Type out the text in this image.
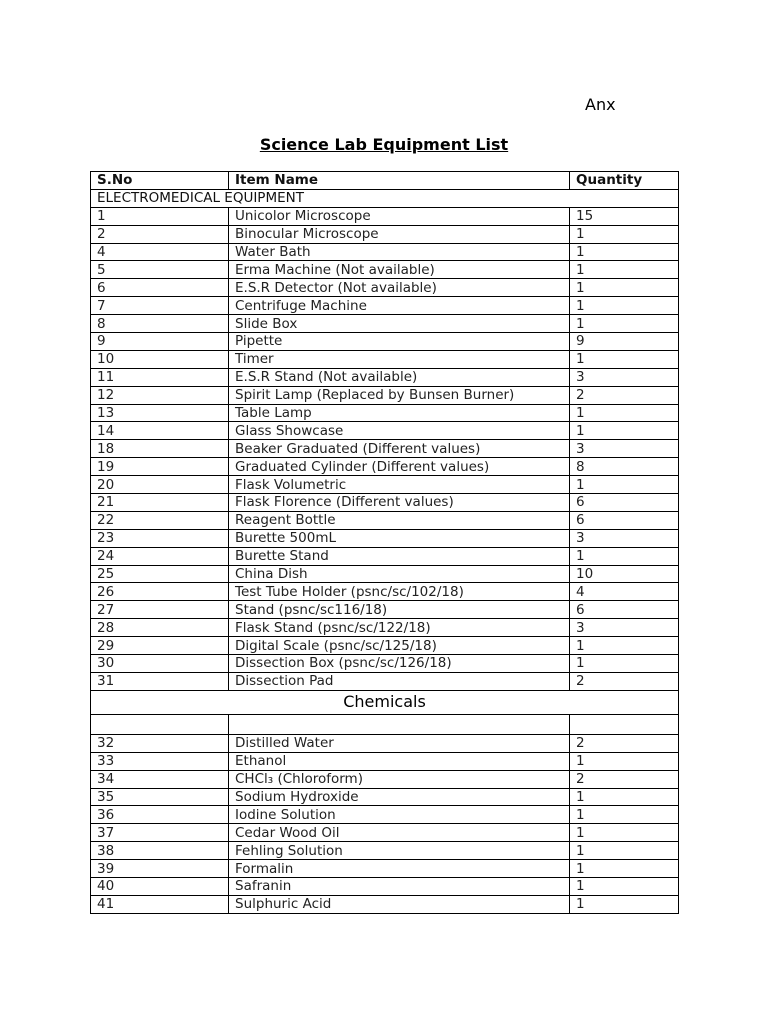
Anx
Science Lab Equipment List
S.No	Item Name	Quantity
ELECTROMEDICAL EQUIPMENT		
1	Unicolor Microscope	15
2	Binocular Microscope	1
4	Water Bath	1
5	Erma Machine (Not available)	1
6	E.S.R Detector (Not available)	1
7	Centrifuge Machine	1
8	Slide Box	1
9	Pipette	9
10	Timer	1
11	E.S.R Stand (Not available)	3
12	Spirit Lamp (Replaced by Bunsen Burner)	2
13	Table Lamp	1
14	Glass Showcase	1
18	Beaker Graduated (Different values)	3
19	Graduated Cylinder (Different values)	8
20	Flask Volumetric	1
21	Flask Florence (Different values)	6
22	Reagent Bottle	6
23	Burette 500mL	3
24	Burette Stand	1
25	China Dish	10
26	Test Tube Holder (psnc/sc/102/18)	4
27	Stand (psnc/sc116/18)	6
28	Flask Stand (psnc/sc/122/18)	3
29	Digital Scale (psnc/sc/125/18)	1
30	Dissection Box (psnc/sc/126/18)	1
31	Dissection Pad	2
Chemicals		

32	Distilled Water	2
33	Ethanol	1
34	CHCl₃ (Chloroform)	2
35	Sodium Hydroxide	1
36	Iodine Solution	1
37	Cedar Wood Oil	1
38	Fehling Solution	1
39	Formalin	1
40	Safranin	1
41	Sulphuric Acid	1
